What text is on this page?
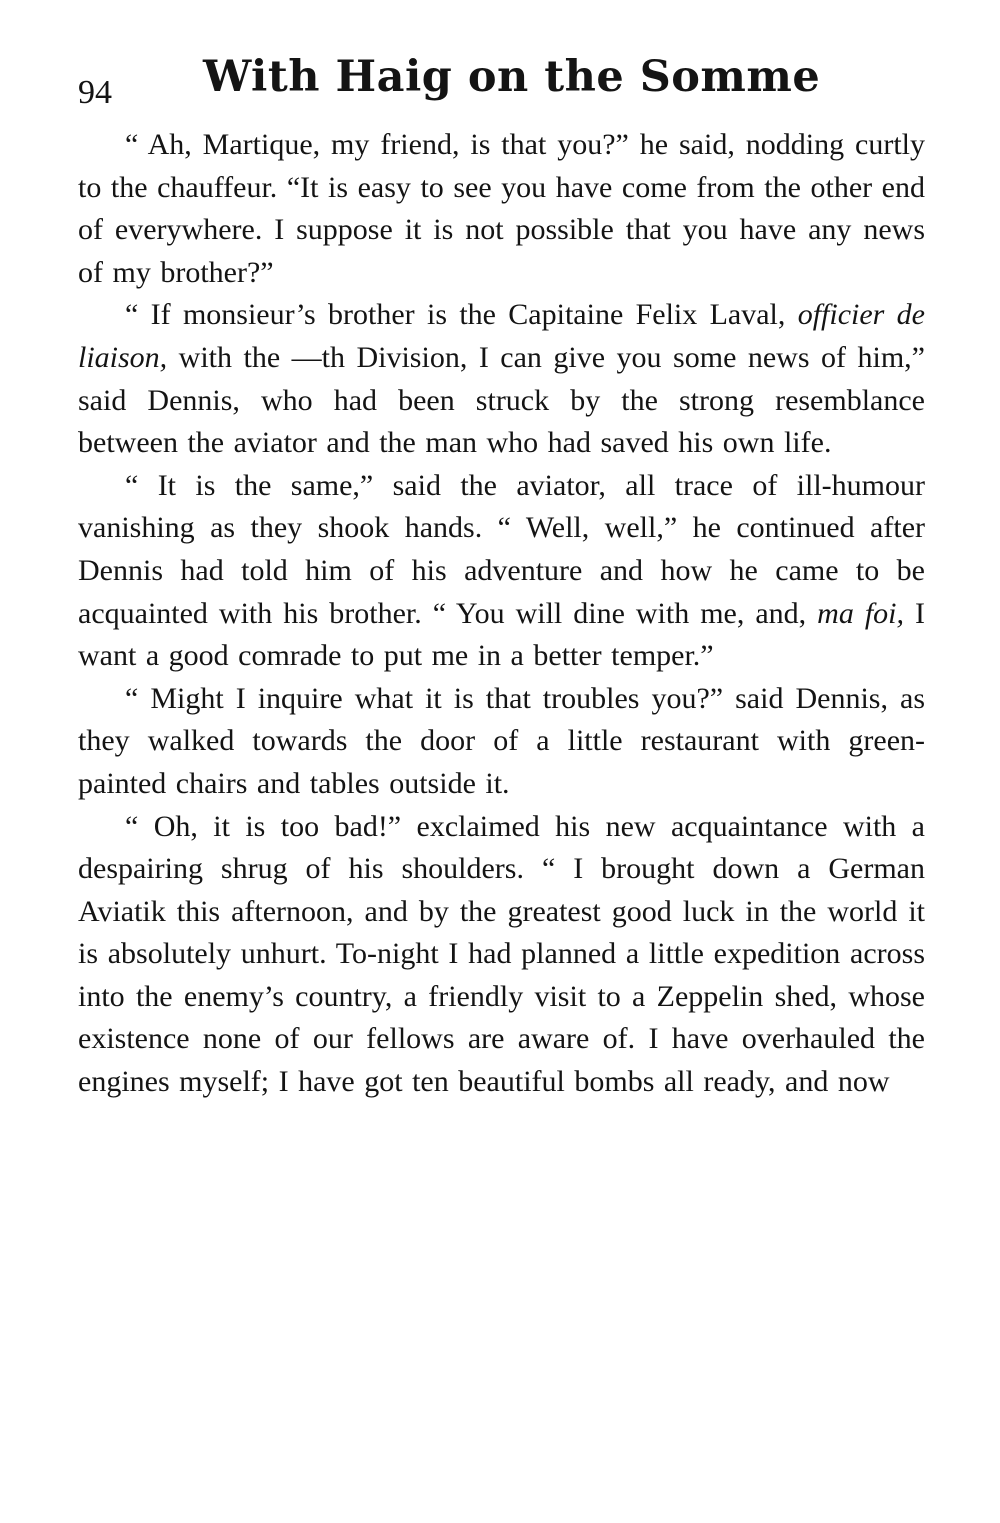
94 With Haig on the Somme

“ Ah, Martique, my friend, is that you?” he said, nodding curtly to the chauffeur. “It is easy to see you have come from the other end of everywhere. I suppose it is not possible that you have any news of my brother?”

“ If monsieur’s brother is the Capitaine Felix Laval, officier de liaison, with the —th Division, I can give you some news of him,” said Dennis, who had been struck by the strong resemblance between the aviator and the man who had saved his own life.

“ It is the same,” said the aviator, all trace of ill-humour vanishing as they shook hands. “ Well, well,” he continued after Dennis had told him of his adventure and how he came to be acquainted with his brother. “ You will dine with me, and, ma foi, I want a good comrade to put me in a better temper.”

“ Might I inquire what it is that troubles you?” said Dennis, as they walked towards the door of a little restaurant with green-painted chairs and tables outside it.

“ Oh, it is too bad!” exclaimed his new acquaintance with a despairing shrug of his shoulders. “ I brought down a German Aviatik this afternoon, and by the greatest good luck in the world it is absolutely unhurt. To-night I had planned a little expedition across into the enemy’s country, a friendly visit to a Zeppelin shed, whose existence none of our fellows are aware of. I have overhauled the engines myself; I have got ten beautiful bombs all ready, and now
